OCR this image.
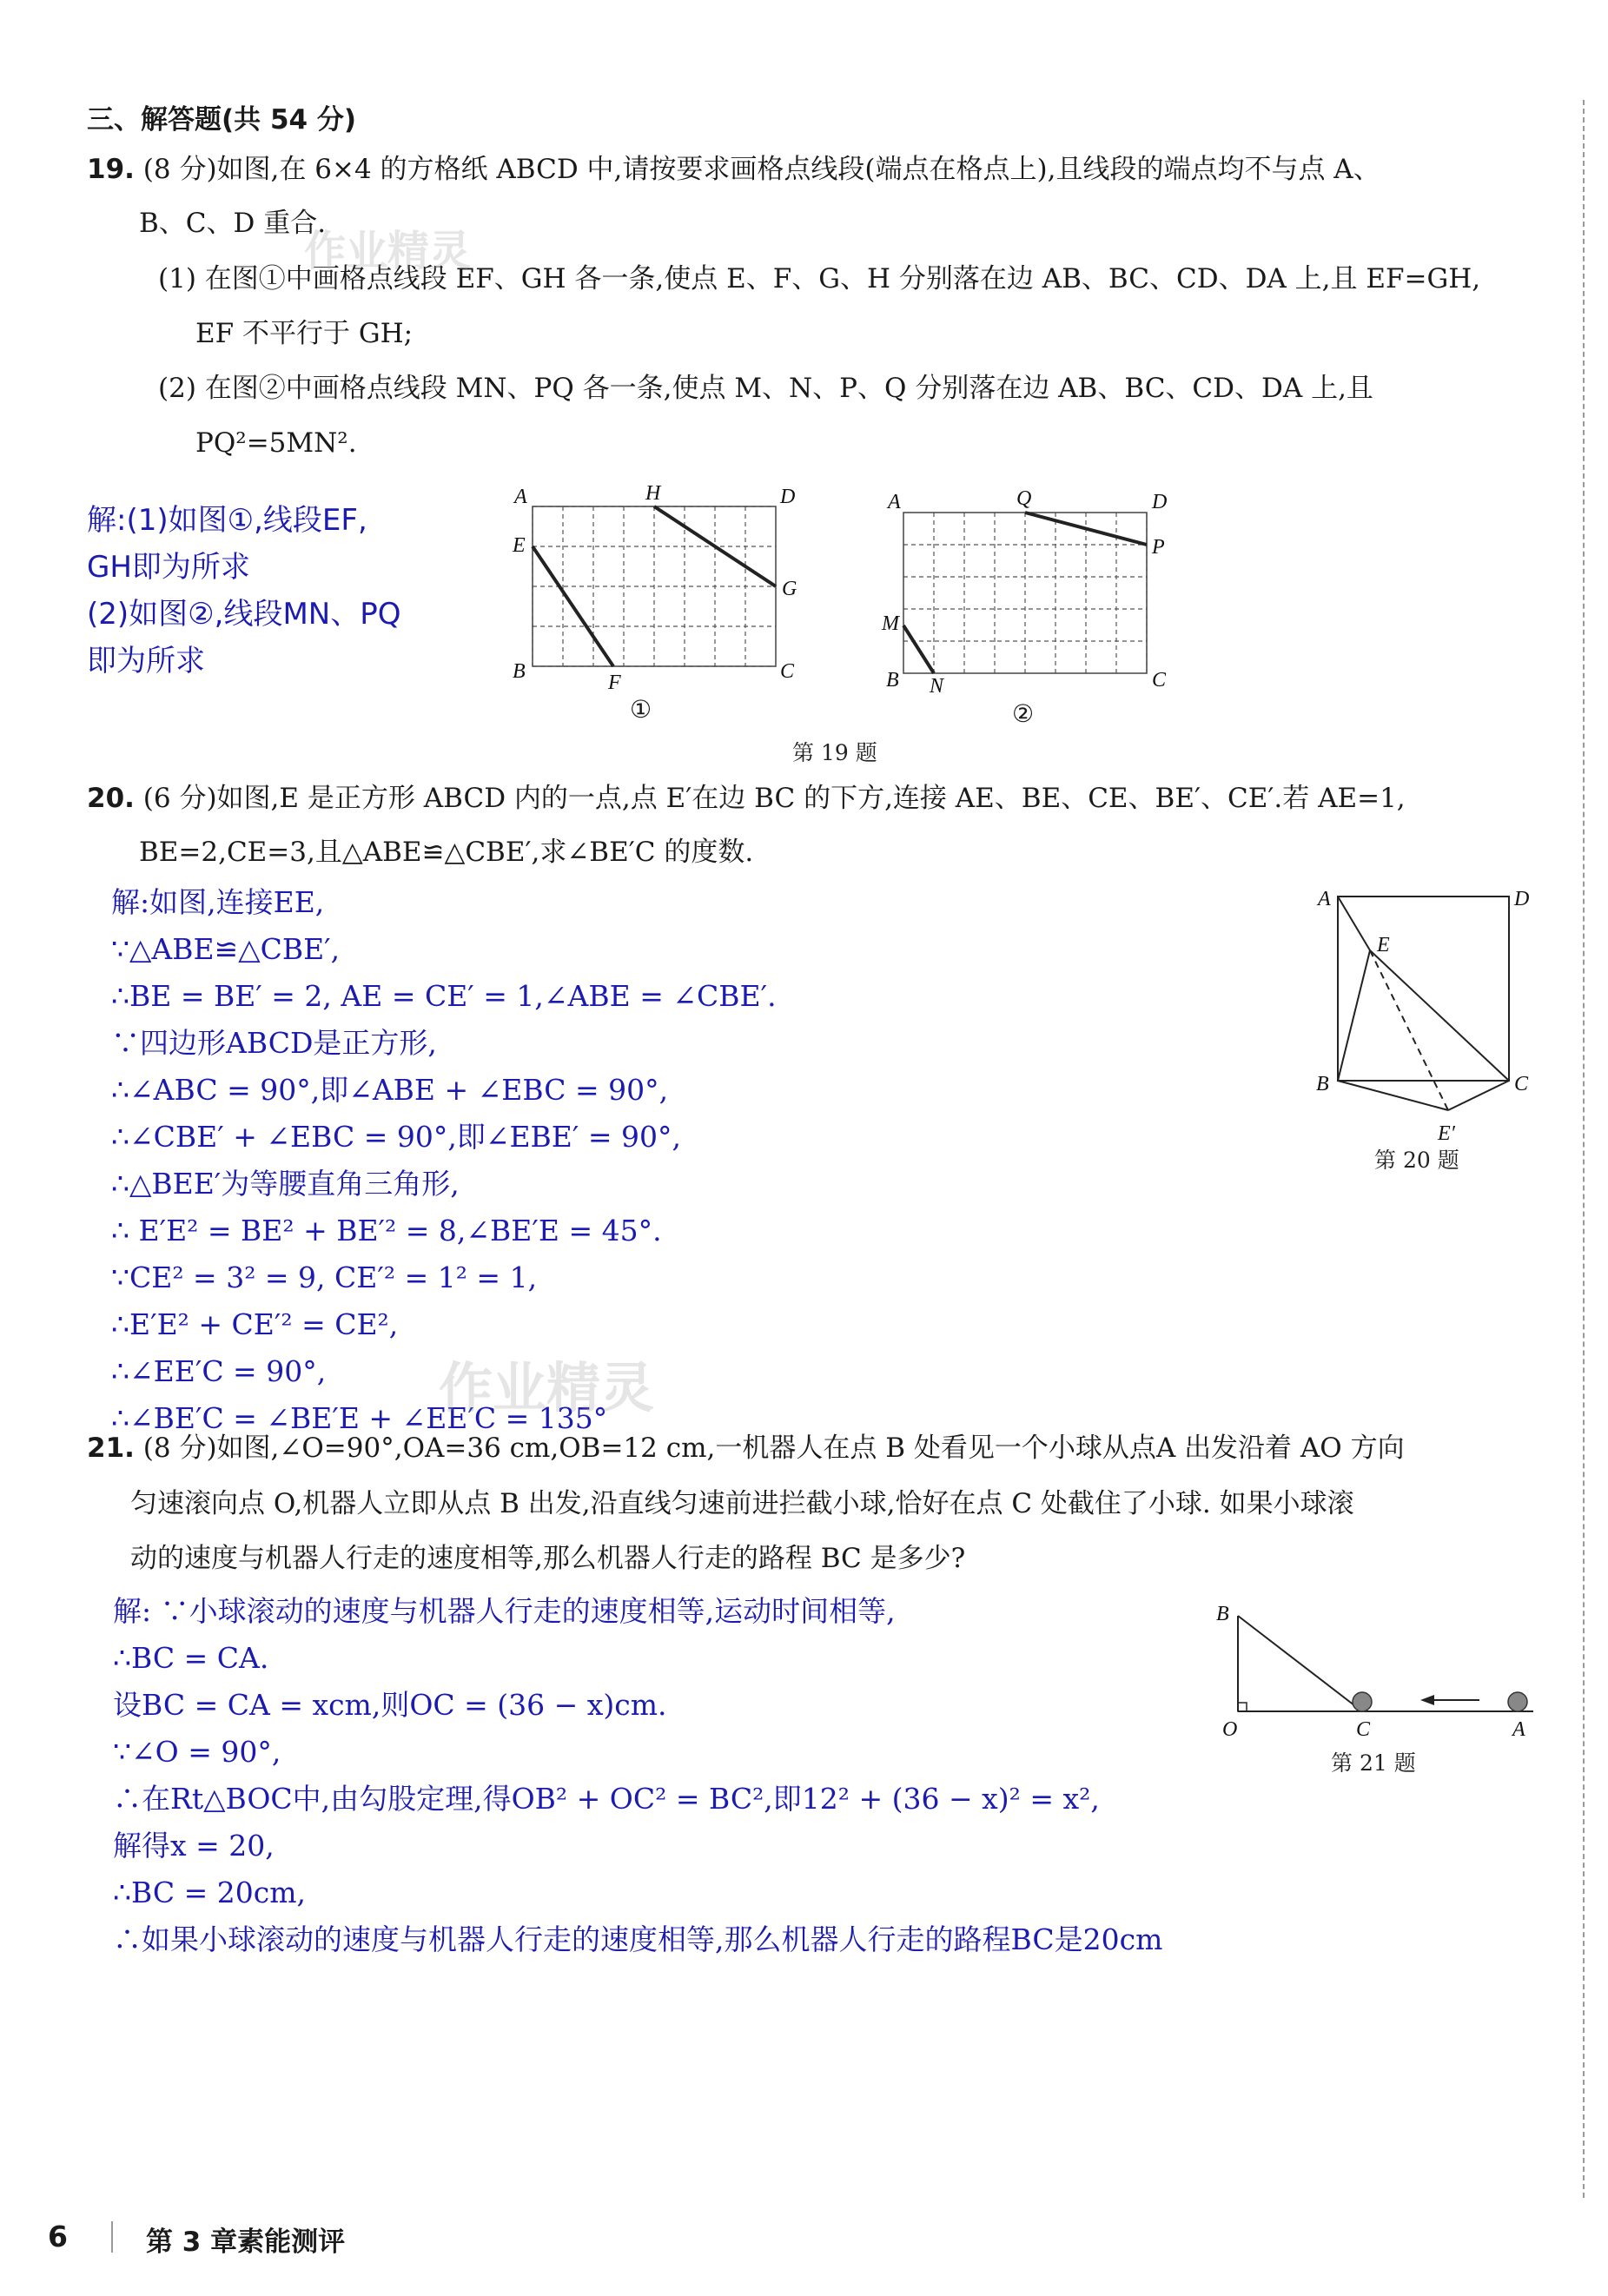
三、解答题(共 54 分)
19. (8 分)如图,在 6×4 的方格纸 ABCD 中,请按要求画格点线段(端点在格点上),且线段的端点均不与点 A、
B、C、D 重合.
(1) 在图①中画格点线段 EF、GH 各一条,使点 E、F、G、H 分别落在边 AB、BC、CD、DA 上,且 EF=GH,
EF 不平行于 GH;
(2) 在图②中画格点线段 MN、PQ 各一条,使点 M、N、P、Q 分别落在边 AB、BC、CD、DA 上,且
PQ²=5MN².
解:(1)如图①,线段EF,
GH即为所求
(2)如图②,线段MN、PQ
即为所求
A	H	D
E
G
B	F	C
①
A	Q	D
P
M
B N	C
②
第 19 题
20. (6 分)如图,E 是正方形 ABCD 内的一点,点 E′在边 BC 的下方,连接 AE、BE、CE、BE′、CE′.若 AE=1,
BE=2,CE=3,且△ABE≌△CBE′,求∠BE′C 的度数.
解:如图,连接EE,
∵△ABE≌△CBE′,
∴BE = BE′ = 2, AE = CE′ = 1,∠ABE = ∠CBE′.
∵四边形ABCD是正方形,
∴∠ABC = 90°,即∠ABE + ∠EBC = 90°,
∴∠CBE′ + ∠EBC = 90°,即∠EBE′ = 90°,
∴△BEE′为等腰直角三角形,
∴ E′E² = BE² + BE′² = 8,∠BE′E = 45°.
∵CE² = 3² = 9, CE′² = 1² = 1,
∴E′E² + CE′² = CE²,
∴∠EE′C = 90°,
∴∠BE′C = ∠BE′E + ∠EE′C = 135°
A	D
E
B	C
E′
第 20 题
作业精灵
作业精灵
21. (8 分)如图,∠O=90°,OA=36 cm,OB=12 cm,一机器人在点 B 处看见一个小球从点A 出发沿着 AO 方向
匀速滚向点 O,机器人立即从点 B 出发,沿直线匀速前进拦截小球,恰好在点 C 处截住了小球. 如果小球滚
动的速度与机器人行走的速度相等,那么机器人行走的路程 BC 是多少?
解: ∵小球滚动的速度与机器人行走的速度相等,运动时间相等,
∴BC = CA.
设BC = CA = xcm,则OC = (36 − x)cm.
∵∠O = 90°,
∴在Rt△BOC中,由勾股定理,得OB² + OC² = BC²,即12² + (36 − x)² = x²,
解得x = 20,
∴BC = 20cm,
∴如果小球滚动的速度与机器人行走的速度相等,那么机器人行走的路程BC是20cm
B
O	C	A
第 21 题
6	第 3 章素能测评
